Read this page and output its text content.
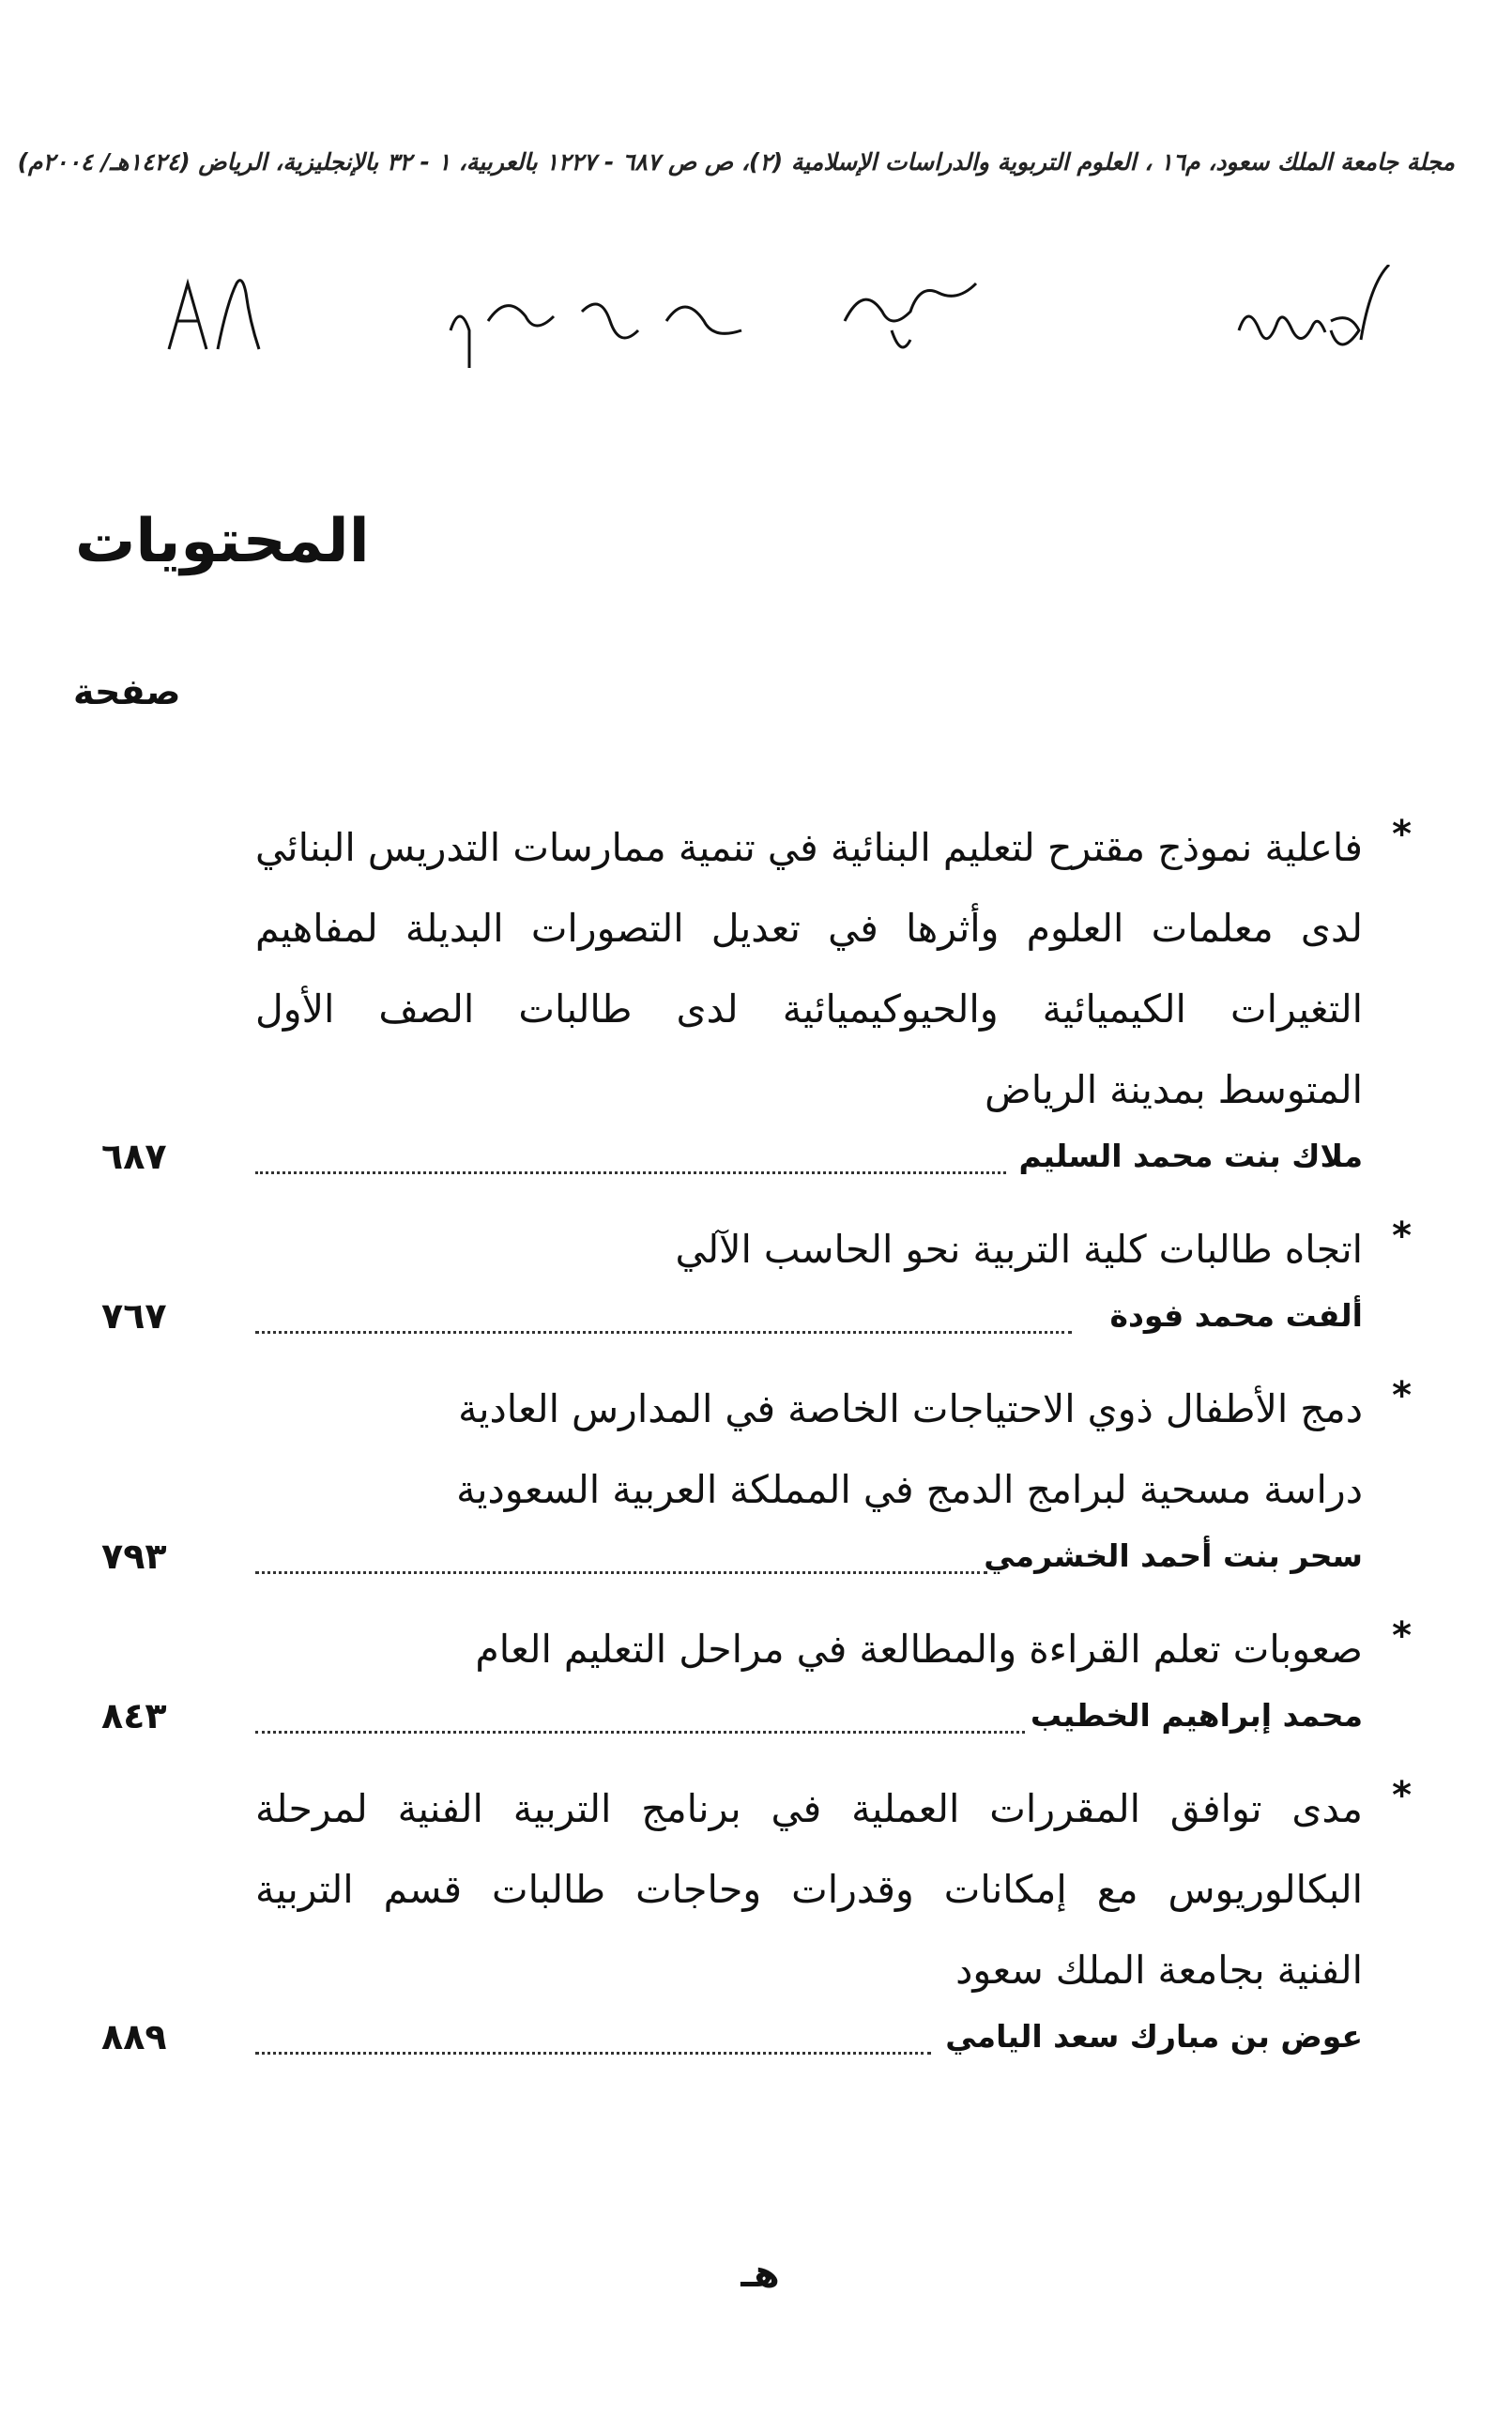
مجلة جامعة الملك سعود، م١٦ ، العلوم التربوية والدراسات الإسلامية (٢)، ص ص ٦٨٧ - ١٢٢٧ بالعربية، ١ - ٣٢ بالإنجليزية، الرياض (١٤٢٤هـ/ ٢٠٠٤م)
المحتويات
صفحة
*
فاعلية نموذج مقترح لتعليم البنائية في تنمية ممارسات التدريس البنائي
لدى معلمات العلوم وأثرها في تعديل التصورات البديلة لمفاهيم
التغيرات الكيميائية والحيوكيميائية لدى طالبات الصف الأول
المتوسط بمدينة الرياض
ملاك بنت محمد السليم
٦٨٧
*
اتجاه طالبات كلية التربية نحو الحاسب الآلي
ألفت محمد فودة
٧٦٧
*
دمج الأطفال ذوي الاحتياجات الخاصة في المدارس العادية
دراسة مسحية لبرامج الدمج في المملكة العربية السعودية
سحر بنت أحمد الخشرمي
٧٩٣
*
صعوبات تعلم القراءة والمطالعة في مراحل التعليم العام
محمد إبراهيم الخطيب
٨٤٣
*
مدى توافق المقررات العملية في برنامج التربية الفنية لمرحلة
البكالوريوس مع إمكانات وقدرات وحاجات طالبات قسم التربية
الفنية بجامعة الملك سعود
عوض بن مبارك سعد اليامي
٨٨٩
هـ
